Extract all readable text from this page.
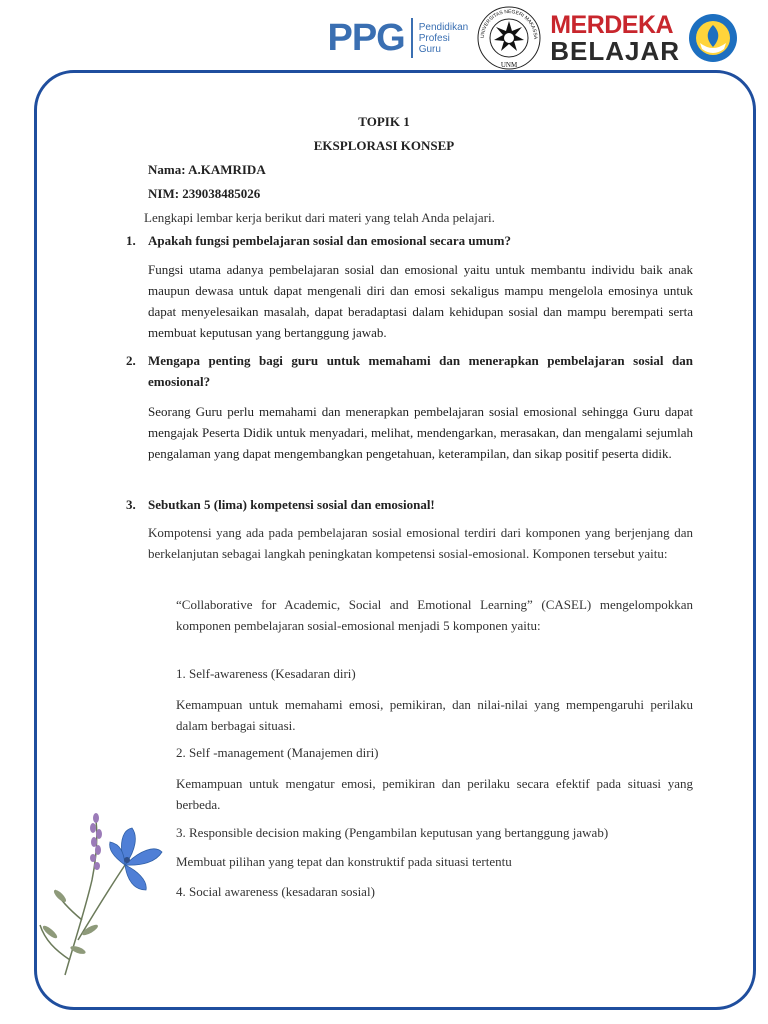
PPG Pendidikan
Profesi
Guru
UNM
UNIVERSITAS NEGERI MAKASSA MERDEKA
BELAJAR
TOPIK 1
EKSPLORASI KONSEP
Nama: A.KAMRIDA
NIM: 239038485026
Lengkapi lembar kerja berikut dari materi yang telah Anda pelajari.
1. Apakah fungsi pembelajaran sosial dan emosional secara umum?
Fungsi utama adanya pembelajaran sosial dan emosional yaitu untuk membantu individu baik anak maupun dewasa untuk dapat mengenali diri dan emosi sekaligus mampu mengelola emosinya untuk dapat menyelesaikan masalah, dapat beradaptasi dalam kehidupan sosial dan mampu berempati serta membuat keputusan yang bertanggung jawab.
2. Mengapa penting bagi guru untuk memahami dan menerapkan pembelajaran sosial dan emosional?
Seorang Guru perlu memahami dan menerapkan pembelajaran sosial emosional sehingga Guru dapat mengajak Peserta Didik untuk menyadari, melihat, mendengarkan, merasakan, dan mengalami sejumlah pengalaman yang dapat mengembangkan pengetahuan, keterampilan, dan sikap positif peserta didik.
3. Sebutkan 5 (lima) kompetensi sosial dan emosional!
Kompotensi yang ada pada pembelajaran sosial emosional terdiri dari komponen yang berjenjang dan berkelanjutan sebagai langkah peningkatan kompetensi sosial-emosional. Komponen tersebut yaitu:
“Collaborative for Academic, Social and Emotional Learning” (CASEL) mengelompokkan komponen pembelajaran sosial-emosional menjadi 5 komponen yaitu:
1. Self-awareness (Kesadaran diri)
Kemampuan untuk memahami emosi, pemikiran, dan nilai-nilai yang mempengaruhi perilaku dalam berbagai situasi.
2. Self -management (Manajemen diri)
Kemampuan untuk mengatur emosi, pemikiran dan perilaku secara efektif pada situasi yang berbeda.
3. Responsible decision making (Pengambilan keputusan yang bertanggung jawab)
Membuat pilihan yang tepat dan konstruktif pada situasi tertentu
4. Social awareness (kesadaran sosial)
